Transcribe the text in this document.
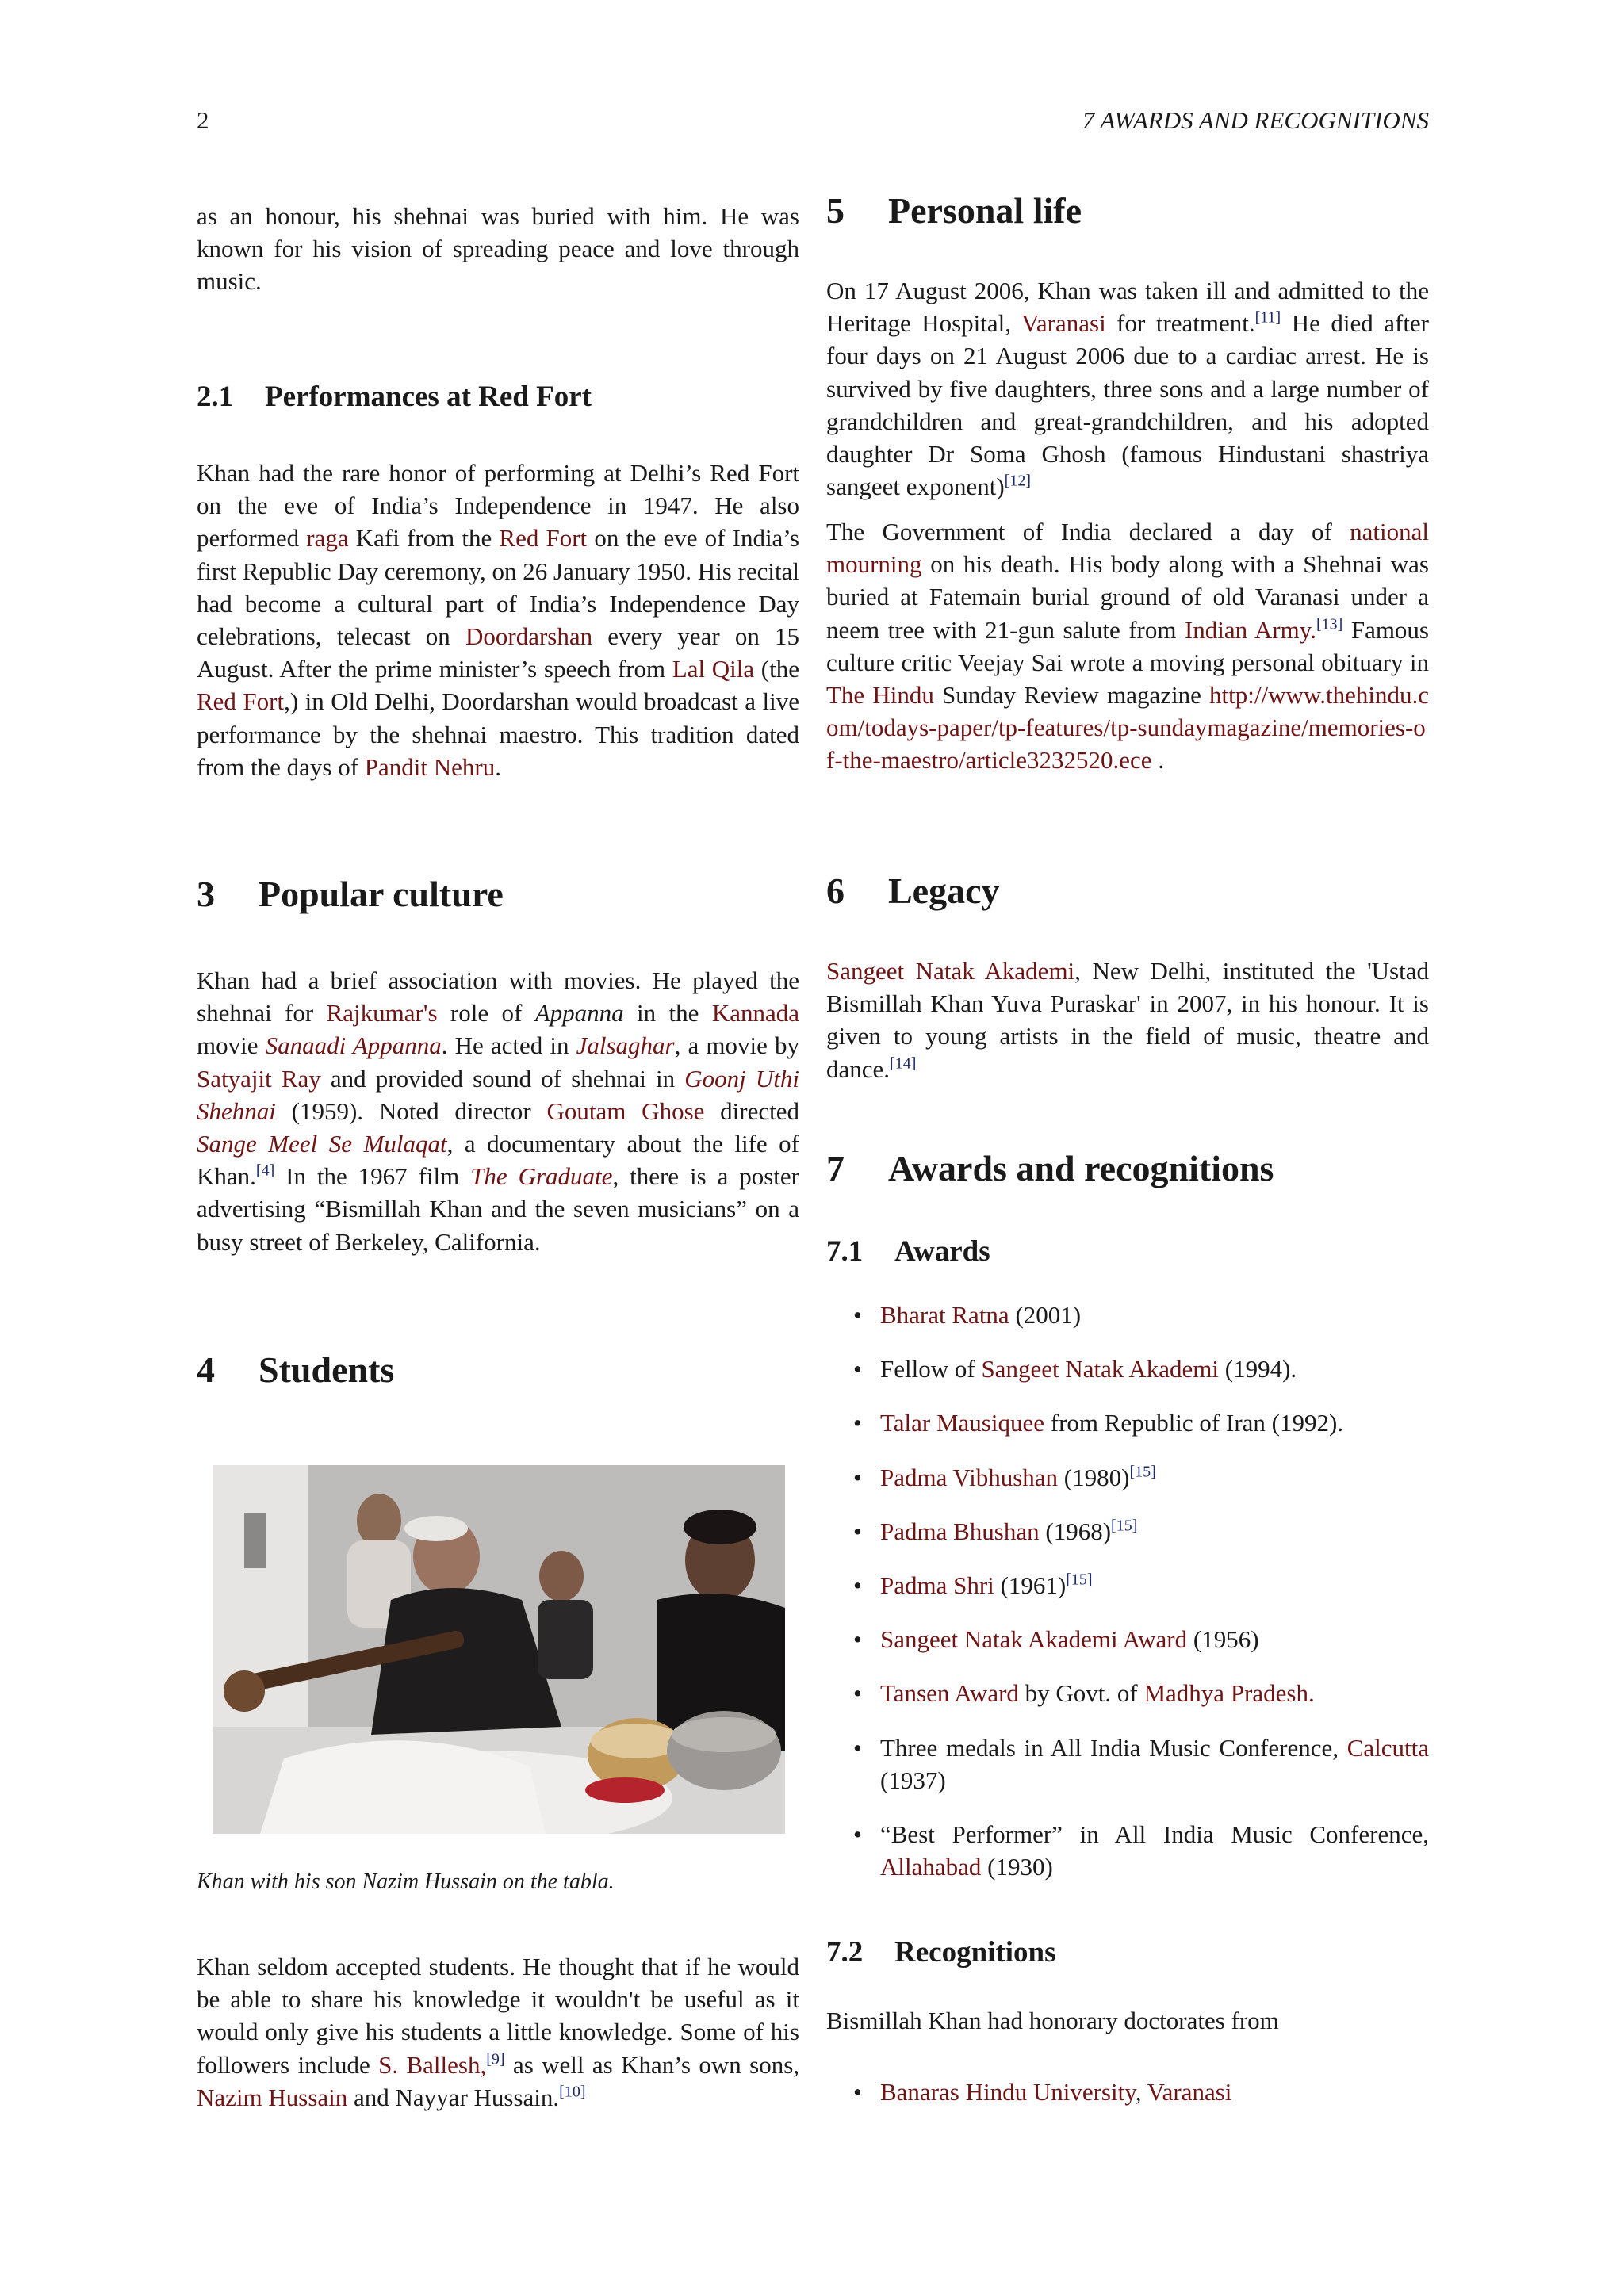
2	7 AWARDS AND RECOGNITIONS

as an honour, his shehnai was buried with him. He was known for his vision of spreading peace and love through music.

2.1 Performances at Red Fort

Khan had the rare honor of performing at Delhi’s Red Fort on the eve of India’s Independence in 1947. He also performed raga Kafi from the Red Fort on the eve of India’s first Republic Day ceremony, on 26 January 1950. His recital had become a cultural part of India’s Independence Day celebrations, telecast on Doordarshan every year on 15 August. After the prime minister’s speech from Lal Qila (the Red Fort,) in Old Delhi, Doordarshan would broadcast a live performance by the shehnai maestro. This tradition dated from the days of Pandit Nehru.

3 Popular culture

Khan had a brief association with movies. He played the shehnai for Rajkumar's role of Appanna in the Kannada movie Sanaadi Appanna. He acted in Jalsaghar, a movie by Satyajit Ray and provided sound of shehnai in Goonj Uthi Shehnai (1959). Noted director Goutam Ghose directed Sange Meel Se Mulaqat, a documentary about the life of Khan.[4] In the 1967 film The Graduate, there is a poster advertising “Bismillah Khan and the seven musicians” on a busy street of Berkeley, California.

4 Students

Khan seldom accepted students. He thought that if he would be able to share his knowledge it wouldn't be useful as it would only give his students a little knowledge. Some of his followers include S. Ballesh,[9] as well as Khan’s own sons, Nazim Hussain and Nayyar Hussain.[10]

Khan with his son Nazim Hussain on the tabla.
5 Personal life

On 17 August 2006, Khan was taken ill and admitted to the Heritage Hospital, Varanasi for treatment.[11] He died after four days on 21 August 2006 due to a cardiac arrest. He is survived by five daughters, three sons and a large number of grandchildren and great-grandchildren, and his adopted daughter Dr Soma Ghosh (famous Hindustani shastriya sangeet exponent)[12]

The Government of India declared a day of national mourning on his death. His body along with a Shehnai was buried at Fatemain burial ground of old Varanasi under a neem tree with 21-gun salute from Indian Army.[13] Famous culture critic Veejay Sai wrote a moving personal obituary in The Hindu Sunday Review magazine http://www.thehindu.com/todays-paper/tp-features/tp-sundaymagazine/memories-of-the-maestro/article3232520.ece .

6 Legacy

Sangeet Natak Akademi, New Delhi, instituted the 'Ustad Bismillah Khan Yuva Puraskar' in 2007, in his honour. It is given to young artists in the field of music, theatre and dance.[14]

7 Awards and recognitions
7.1 Awards
• Bharat Ratna (2001)
• Fellow of Sangeet Natak Akademi (1994).
• Talar Mausiquee from Republic of Iran (1992).
• Padma Vibhushan (1980)[15]
• Padma Bhushan (1968)[15]
• Padma Shri (1961)[15]
• Sangeet Natak Akademi Award (1956)
• Tansen Award by Govt. of Madhya Pradesh.
• Three medals in All India Music Conference, Calcutta (1937)
• “Best Performer” in All India Music Conference, Allahabad (1930)
7.2 Recognitions

Bismillah Khan had honorary doctorates from

• Banaras Hindu University, Varanasi
